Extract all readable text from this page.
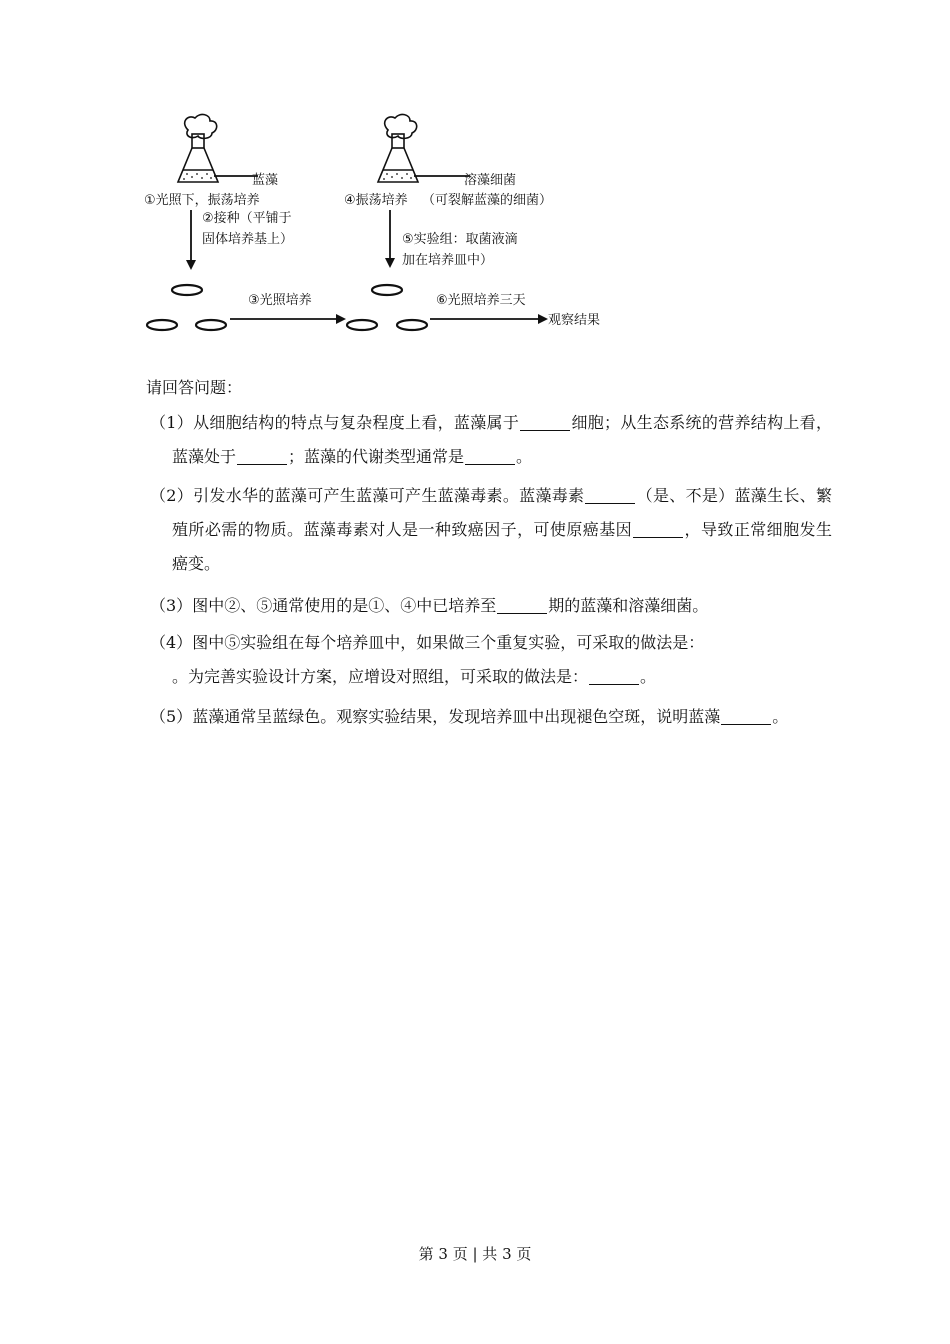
蓝藻
①光照下，振荡培养
②接种（平铺于
固体培养基上）
③光照培养
溶藻细菌
④振荡培养 （可裂解蓝藻的细菌）
⑤实验组：取菌液滴
加在培养皿中）
⑥光照培养三天
观察结果
请回答问题：
（1）从细胞结构的特点与复杂程度上看，蓝藻属于	细胞；从生态系统的营养结构上看，蓝藻处于	；蓝藻的代谢类型通常是	。
（2）引发水华的蓝藻可产生蓝藻可产生蓝藻毒素。蓝藻毒素	（是、不是）蓝藻生长、繁殖所必需的物质。蓝藻毒素对人是一种致癌因子，可使原癌基因	，导致正常细胞发生癌变。
（3）图中②、⑤通常使用的是①、④中已培养至	期的蓝藻和溶藻细菌。
（4）图中⑤实验组在每个培养皿中，如果做三个重复实验，可采取的做法是：
。为完善实验设计方案，应增设对照组，可采取的做法是：	。
（5）蓝藻通常呈蓝绿色。观察实验结果，发现培养皿中出现褪色空斑，说明蓝藻	。
第 3 页 | 共 3 页
